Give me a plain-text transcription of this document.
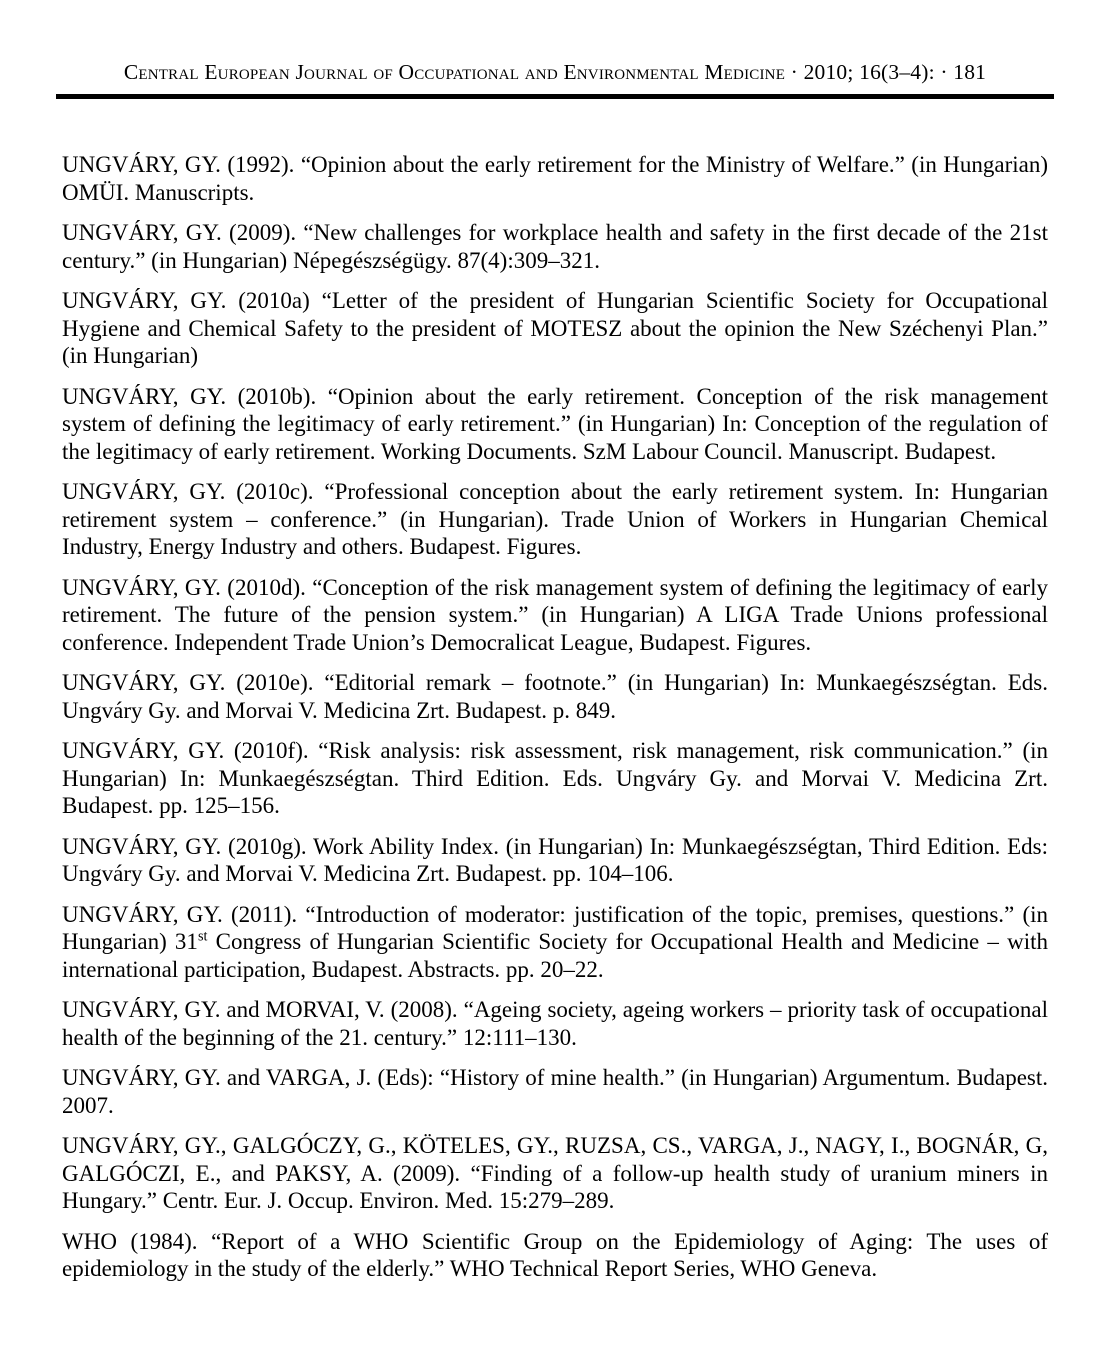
Central European Journal of Occupational and Environmental Medicine · 2010; 16(3–4): · 181

UNGVÁRY, GY. (1992). “Opinion about the early retirement for the Ministry of Welfare.” (in Hungarian) OMÜI. Manuscripts.

UNGVÁRY, GY. (2009). “New challenges for workplace health and safety in the first decade of the 21st century.” (in Hungarian) Népegészségügy. 87(4):309–321.

UNGVÁRY, GY. (2010a) “Letter of the president of Hungarian Scientific Society for Occupational Hygiene and Chemical Safety to the president of MOTESZ about the opinion the New Széchenyi Plan.” (in Hungarian)

UNGVÁRY, GY. (2010b). “Opinion about the early retirement. Conception of the risk management system of defining the legitimacy of early retirement.” (in Hungarian) In: Conception of the regulation of the legitimacy of early retirement. Working Documents. SzM Labour Council. Manuscript. Budapest.

UNGVÁRY, GY. (2010c). “Professional conception about the early retirement system. In: Hungarian retirement system – conference.” (in Hungarian). Trade Union of Workers in Hungarian Chemical Industry, Energy Industry and others. Budapest. Figures.

UNGVÁRY, GY. (2010d). “Conception of the risk management system of defining the legitimacy of early retirement. The future of the pension system.” (in Hungarian) A LIGA Trade Unions professional conference. Independent Trade Union’s Democralicat League, Budapest. Figures.

UNGVÁRY, GY. (2010e). “Editorial remark – footnote.” (in Hungarian) In: Munkaegészségtan. Eds. Ungváry Gy. and Morvai V. Medicina Zrt. Budapest. p. 849.

UNGVÁRY, GY. (2010f). “Risk analysis: risk assessment, risk management, risk communication.” (in Hungarian) In: Munkaegészségtan. Third Edition. Eds. Ungváry Gy. and Morvai V. Medicina Zrt. Budapest. pp. 125–156.

UNGVÁRY, GY. (2010g). Work Ability Index. (in Hungarian) In: Munkaegészségtan, Third Edition. Eds: Ungváry Gy. and Morvai V. Medicina Zrt. Budapest. pp. 104–106.

UNGVÁRY, GY. (2011). “Introduction of moderator: justification of the topic, premises, questions.” (in Hungarian) 31st Congress of Hungarian Scientific Society for Occupational Health and Medicine – with international participation, Budapest. Abstracts. pp. 20–22.

UNGVÁRY, GY. and MORVAI, V. (2008). “Ageing society, ageing workers – priority task of occupational health of the beginning of the 21. century.” 12:111–130.

UNGVÁRY, GY. and VARGA, J. (Eds): “History of mine health.” (in Hungarian) Argumentum. Budapest. 2007.

UNGVÁRY, GY., GALGÓCZY, G., KÖTELES, GY., RUZSA, CS., VARGA, J., NAGY, I., BOGNÁR, G, GALGÓCZI, E., and PAKSY, A. (2009). “Finding of a follow-up health study of uranium miners in Hungary.” Centr. Eur. J. Occup. Environ. Med. 15:279–289.

WHO (1984). “Report of a WHO Scientific Group on the Epidemiology of Aging: The uses of epidemiology in the study of the elderly.” WHO Technical Report Series, WHO Geneva.
